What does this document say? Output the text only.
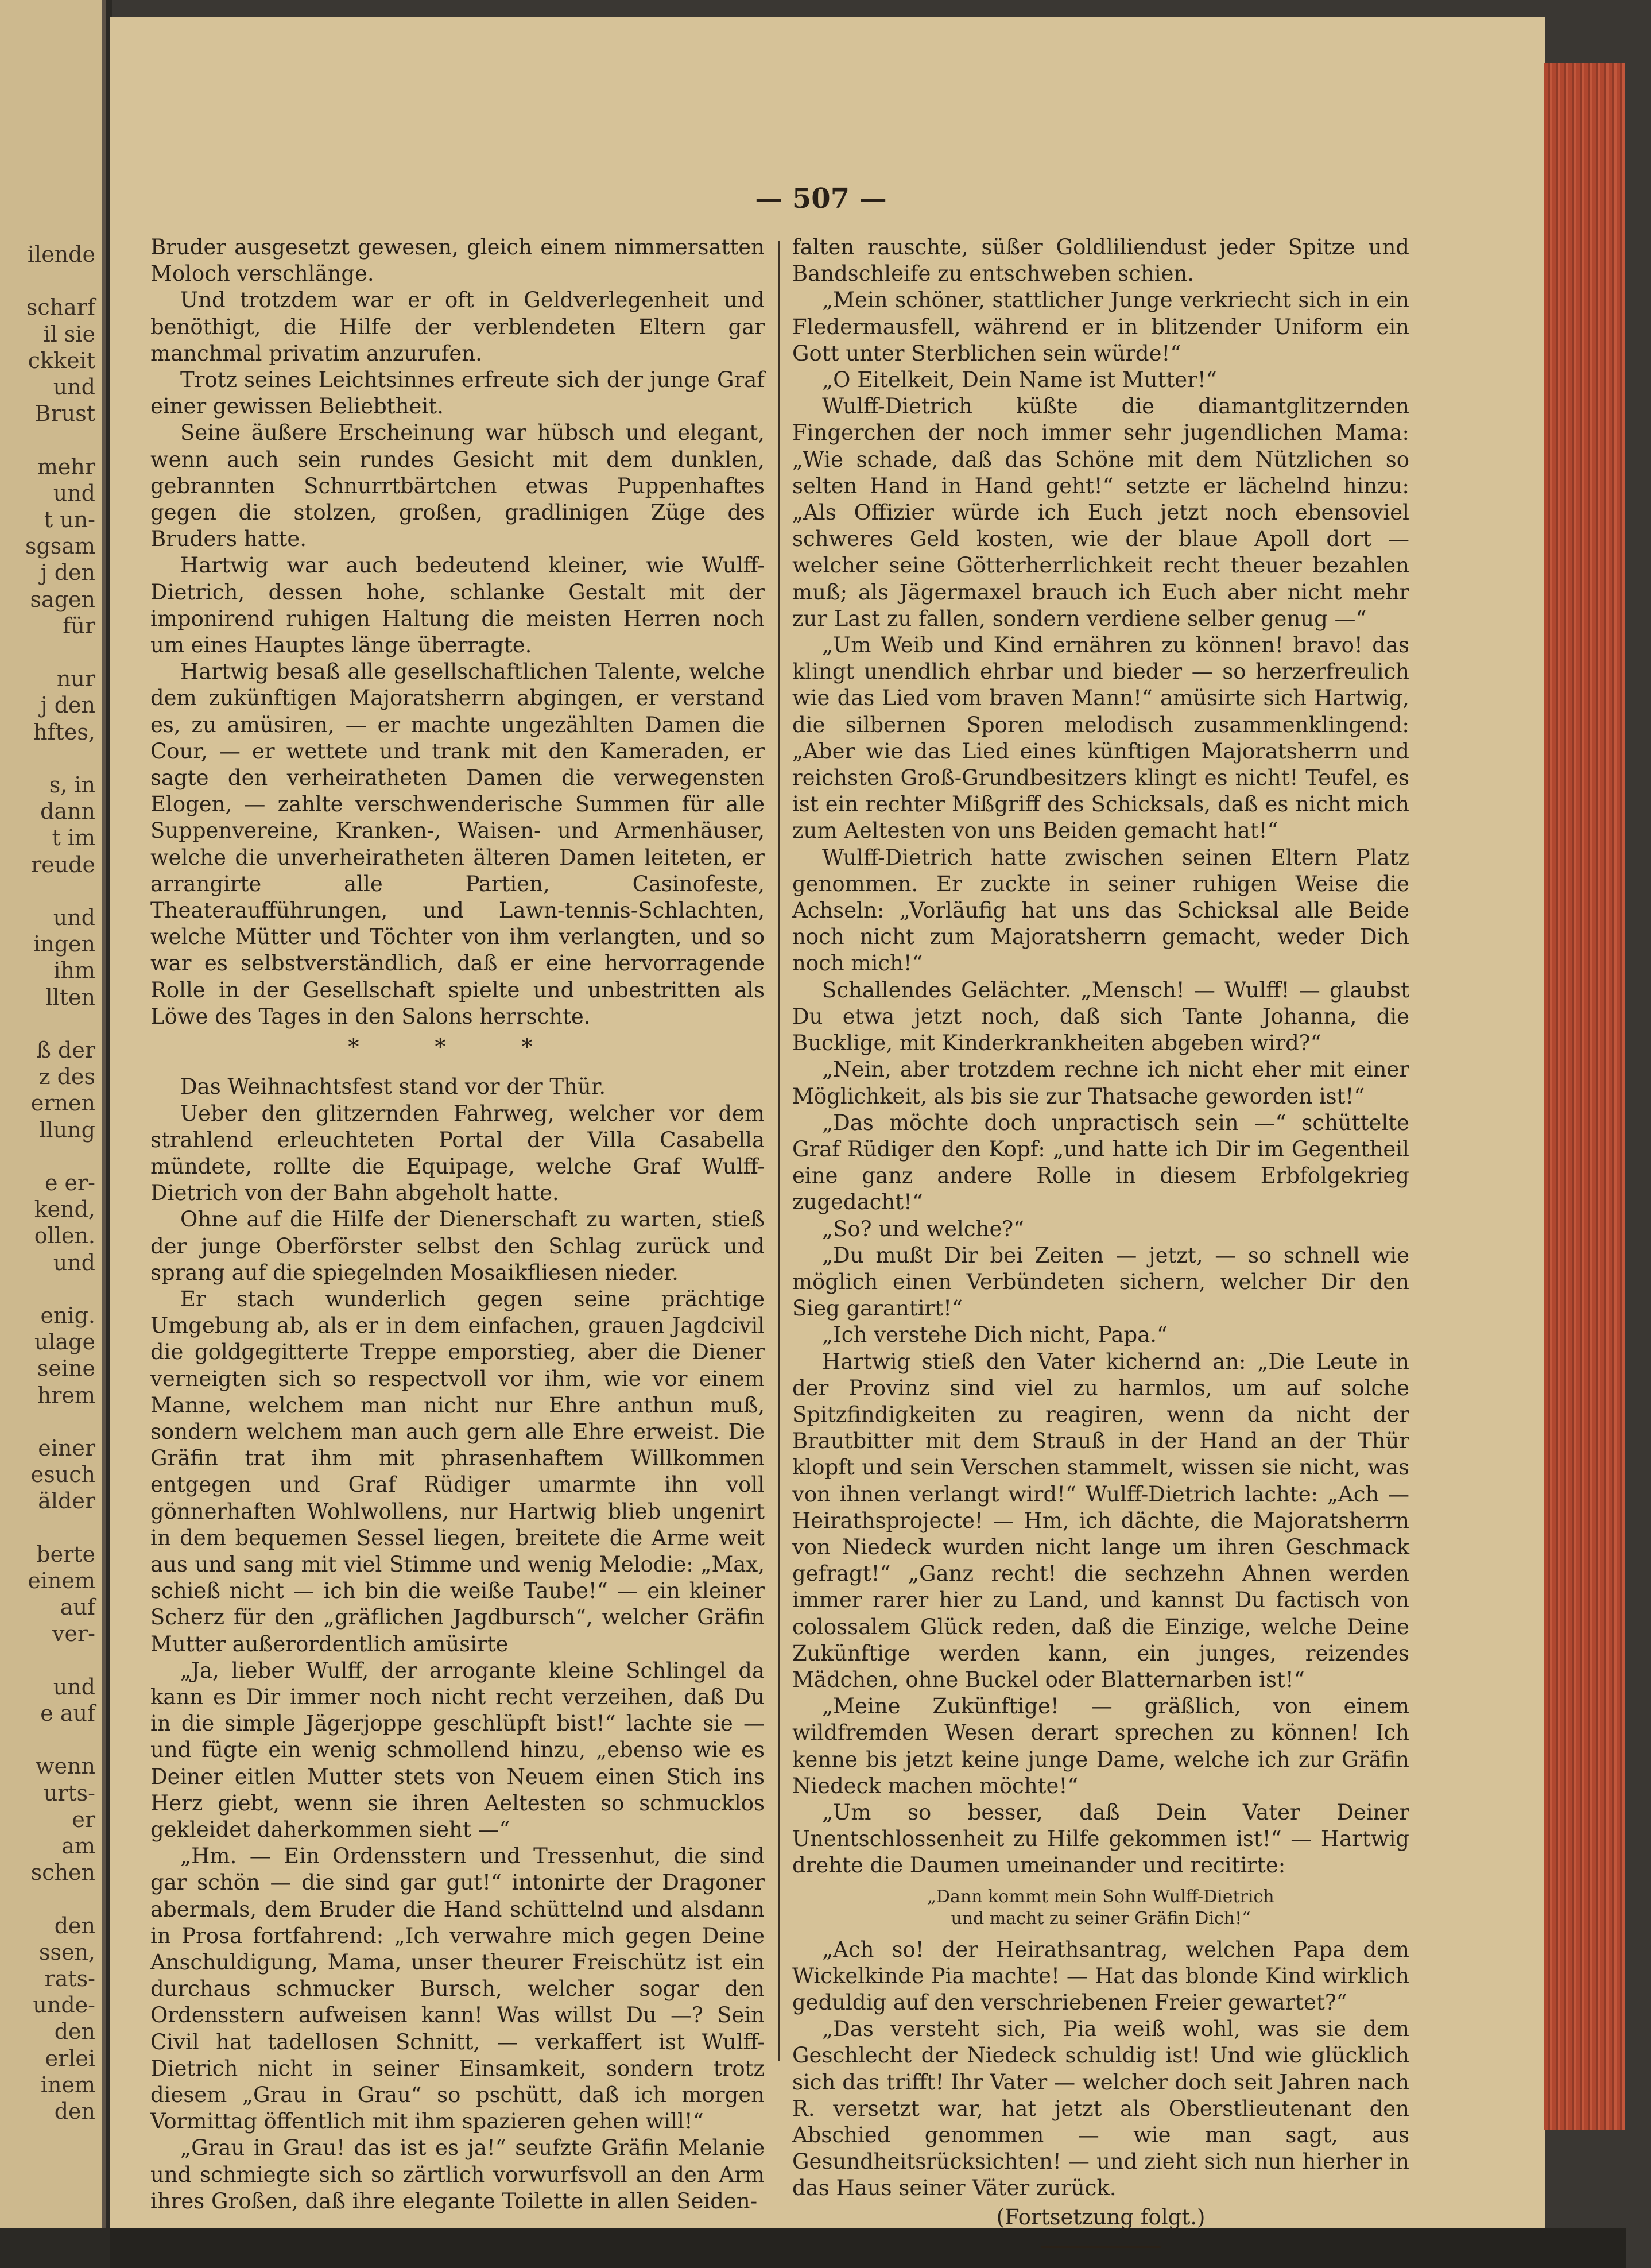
ilende
scharf
il sie
ckkeit
und
Brust
mehr
und
t un-
sgsam
j den
sagen
für
nur
j den
hftes,
s, in
dann
t im
reude
und
ingen
ihm
llten
ß der
z des
ernen
llung
e er-
kend,
ollen.
und
enig.
ulage
seine
hrem
einer
esuch
älder
berte
einem
auf
ver-
und
e auf
wenn
urts-
er
am
schen
den
ssen,
rats-
unde-
den
erlei
inem
den
— 507 —

Bruder ausgesetzt gewesen, gleich einem nimmersatten Moloch verschlänge.

Und trotzdem war er oft in Geldverlegenheit und benöthigt, die Hilfe der verblendeten Eltern gar manchmal privatim anzurufen.

Trotz seines Leichtsinnes erfreute sich der junge Graf einer gewissen Beliebtheit.

Seine äußere Erscheinung war hübsch und elegant, wenn auch sein rundes Gesicht mit dem dunklen, gebrannten Schnurrtbärtchen etwas Puppenhaftes gegen die stolzen, großen, gradlinigen Züge des Bruders hatte.

Hartwig war auch bedeutend kleiner, wie Wulff-Dietrich, dessen hohe, schlanke Gestalt mit der imponirend ruhigen Haltung die meisten Herren noch um eines Hauptes länge überragte.

Hartwig besaß alle gesellschaftlichen Talente, welche dem zukünftigen Majoratsherrn abgingen, er verstand es, zu amüsiren, — er machte ungezählten Damen die Cour, — er wettete und trank mit den Kameraden, er sagte den verheiratheten Damen die verwegensten Elogen, — zahlte verschwenderische Summen für alle Suppenvereine, Kranken-, Waisen- und Armenhäuser, welche die unverheiratheten älteren Damen leiteten, er arrangirte alle Partien, Casinofeste, Theateraufführungen, und Lawn-tennis-Schlachten, welche Mütter und Töchter von ihm verlangten, und so war es selbstverständlich, daß er eine hervorragende Rolle in der Gesellschaft spielte und unbestritten als Löwe des Tages in den Salons herrschte.

* * *

Das Weihnachtsfest stand vor der Thür.

Ueber den glitzernden Fahrweg, welcher vor dem strahlend erleuchteten Portal der Villa Casabella mündete, rollte die Equipage, welche Graf Wulff-Dietrich von der Bahn abgeholt hatte.

Ohne auf die Hilfe der Dienerschaft zu warten, stieß der junge Oberförster selbst den Schlag zurück und sprang auf die spiegelnden Mosaikfliesen nieder.

Er stach wunderlich gegen seine prächtige Umgebung ab, als er in dem einfachen, grauen Jagdcivil die goldgegitterte Treppe emporstieg, aber die Diener verneigten sich so respectvoll vor ihm, wie vor einem Manne, welchem man nicht nur Ehre anthun muß, sondern welchem man auch gern alle Ehre erweist. Die Gräfin trat ihm mit phrasenhaftem Willkommen entgegen und Graf Rüdiger umarmte ihn voll gönnerhaften Wohlwollens, nur Hartwig blieb ungenirt in dem bequemen Sessel liegen, breitete die Arme weit aus und sang mit viel Stimme und wenig Melodie: „Max, schieß nicht — ich bin die weiße Taube!“ — ein kleiner Scherz für den „gräflichen Jagdbursch“, welcher Gräfin Mutter außerordentlich amüsirte

„Ja, lieber Wulff, der arrogante kleine Schlingel da kann es Dir immer noch nicht recht verzeihen, daß Du in die simple Jägerjoppe geschlüpft bist!“ lachte sie — und fügte ein wenig schmollend hinzu, „ebenso wie es Deiner eitlen Mutter stets von Neuem einen Stich ins Herz giebt, wenn sie ihren Aeltesten so schmucklos gekleidet daherkommen sieht —“

„Hm. — Ein Ordensstern und Tressenhut, die sind gar schön — die sind gar gut!“ intonirte der Dragoner abermals, dem Bruder die Hand schüttelnd und alsdann in Prosa fortfahrend: „Ich verwahre mich gegen Deine Anschuldigung, Mama, unser theurer Freischütz ist ein durchaus schmucker Bursch, welcher sogar den Ordensstern aufweisen kann! Was willst Du —? Sein Civil hat tadellosen Schnitt, — verkaffert ist Wulff-Dietrich nicht in seiner Einsamkeit, sondern trotz diesem „Grau in Grau“ so pschütt, daß ich morgen Vormittag öffentlich mit ihm spazieren gehen will!“

„Grau in Grau! das ist es ja!“ seufzte Gräfin Melanie und schmiegte sich so zärtlich vorwurfsvoll an den Arm ihres Großen, daß ihre elegante Toilette in allen Seiden-

falten rauschte, süßer Goldliliendust jeder Spitze und Bandschleife zu entschweben schien.

„Mein schöner, stattlicher Junge verkriecht sich in ein Fledermausfell, während er in blitzender Uniform ein Gott unter Sterblichen sein würde!“

„O Eitelkeit, Dein Name ist Mutter!“

Wulff-Dietrich küßte die diamantglitzernden Fingerchen der noch immer sehr jugendlichen Mama: „Wie schade, daß das Schöne mit dem Nützlichen so selten Hand in Hand geht!“ setzte er lächelnd hinzu: „Als Offizier würde ich Euch jetzt noch ebensoviel schweres Geld kosten, wie der blaue Apoll dort — welcher seine Götterherrlichkeit recht theuer bezahlen muß; als Jägermaxel brauch ich Euch aber nicht mehr zur Last zu fallen, sondern verdiene selber genug —“

„Um Weib und Kind ernähren zu können! bravo! das klingt unendlich ehrbar und bieder — so herzerfreulich wie das Lied vom braven Mann!“ amüsirte sich Hartwig, die silbernen Sporen melodisch zusammenklingend: „Aber wie das Lied eines künftigen Majoratsherrn und reichsten Groß-Grundbesitzers klingt es nicht! Teufel, es ist ein rechter Mißgriff des Schicksals, daß es nicht mich zum Aeltesten von uns Beiden gemacht hat!“

Wulff-Dietrich hatte zwischen seinen Eltern Platz genommen. Er zuckte in seiner ruhigen Weise die Achseln: „Vorläufig hat uns das Schicksal alle Beide noch nicht zum Majoratsherrn gemacht, weder Dich noch mich!“

Schallendes Gelächter. „Mensch! — Wulff! — glaubst Du etwa jetzt noch, daß sich Tante Johanna, die Bucklige, mit Kinderkrankheiten abgeben wird?“

„Nein, aber trotzdem rechne ich nicht eher mit einer Möglichkeit, als bis sie zur Thatsache geworden ist!“

„Das möchte doch unpractisch sein —“ schüttelte Graf Rüdiger den Kopf: „und hatte ich Dir im Gegentheil eine ganz andere Rolle in diesem Erbfolgekrieg zugedacht!“

„So? und welche?“

„Du mußt Dir bei Zeiten — jetzt, — so schnell wie möglich einen Verbündeten sichern, welcher Dir den Sieg garantirt!“

„Ich verstehe Dich nicht, Papa.“

Hartwig stieß den Vater kichernd an: „Die Leute in der Provinz sind viel zu harmlos, um auf solche Spitzfindigkeiten zu reagiren, wenn da nicht der Brautbitter mit dem Strauß in der Hand an der Thür klopft und sein Verschen stammelt, wissen sie nicht, was von ihnen verlangt wird!“ Wulff-Dietrich lachte: „Ach — Heirathsprojecte! — Hm, ich dächte, die Majoratsherrn von Niedeck wurden nicht lange um ihren Geschmack gefragt!“ „Ganz recht! die sechzehn Ahnen werden immer rarer hier zu Land, und kannst Du factisch von colossalem Glück reden, daß die Einzige, welche Deine Zukünftige werden kann, ein junges, reizendes Mädchen, ohne Buckel oder Blatternarben ist!“

„Meine Zukünftige! — gräßlich, von einem wildfremden Wesen derart sprechen zu können! Ich kenne bis jetzt keine junge Dame, welche ich zur Gräfin Niedeck machen möchte!“

„Um so besser, daß Dein Vater Deiner Unentschlossenheit zu Hilfe gekommen ist!“ — Hartwig drehte die Daumen umeinander und recitirte:

„Dann kommt mein Sohn Wulff-Dietrich
und macht zu seiner Gräfin Dich!“

„Ach so! der Heirathsantrag, welchen Papa dem Wickelkinde Pia machte! — Hat das blonde Kind wirklich geduldig auf den verschriebenen Freier gewartet?“

„Das versteht sich, Pia weiß wohl, was sie dem Geschlecht der Niedeck schuldig ist! Und wie glücklich sich das trifft! Ihr Vater — welcher doch seit Jahren nach R. versetzt war, hat jetzt als Oberstlieutenant den Abschied genommen — wie man sagt, aus Gesundheitsrücksichten! — und zieht sich nun hierher in das Haus seiner Väter zurück.

(Fortsetzung folgt.)
